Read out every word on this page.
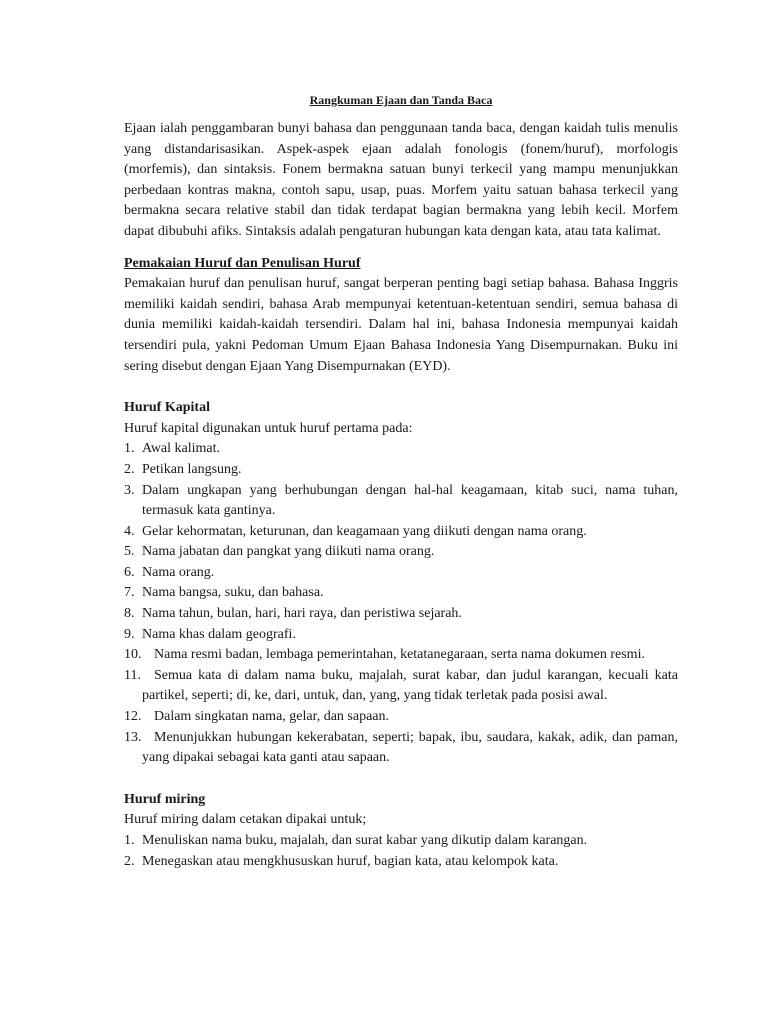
Rangkuman Ejaan dan Tanda Baca

Ejaan ialah penggambaran bunyi bahasa dan penggunaan tanda baca, dengan kaidah tulis menulis yang distandarisasikan. Aspek-aspek ejaan adalah fonologis (fonem/huruf), morfologis (morfemis), dan sintaksis. Fonem bermakna satuan bunyi terkecil yang mampu menunjukkan perbedaan kontras makna, contoh sapu, usap, puas. Morfem yaitu satuan bahasa terkecil yang bermakna secara relative stabil dan tidak terdapat bagian bermakna yang lebih kecil. Morfem dapat dibubuhi afiks. Sintaksis adalah pengaturan hubungan kata dengan kata, atau tata kalimat.

Pemakaian Huruf dan Penulisan Huruf

Pemakaian huruf dan penulisan huruf, sangat berperan penting bagi setiap bahasa. Bahasa Inggris memiliki kaidah sendiri, bahasa Arab mempunyai ketentuan-ketentuan sendiri, semua bahasa di dunia memiliki kaidah-kaidah tersendiri. Dalam hal ini, bahasa Indonesia mempunyai kaidah tersendiri pula, yakni Pedoman Umum Ejaan Bahasa Indonesia Yang Disempurnakan. Buku ini sering disebut dengan Ejaan Yang Disempurnakan (EYD).

Huruf Kapital

Huruf kapital digunakan untuk huruf pertama pada:

1. Awal kalimat.
2. Petikan langsung.
3. Dalam ungkapan yang berhubungan dengan hal-hal keagamaan, kitab suci, nama tuhan, termasuk kata gantinya.
4. Gelar kehormatan, keturunan, dan keagamaan yang diikuti dengan nama orang.
5. Nama jabatan dan pangkat yang diikuti nama orang.
6. Nama orang.
7. Nama bangsa, suku, dan bahasa.
8. Nama tahun, bulan, hari, hari raya, dan peristiwa sejarah.
9. Nama khas dalam geografi.
10. Nama resmi badan, lembaga pemerintahan, ketatanegaraan, serta nama dokumen resmi.
11. Semua kata di dalam nama buku, majalah, surat kabar, dan judul karangan, kecuali kata partikel, seperti; di, ke, dari, untuk, dan, yang, yang tidak terletak pada posisi awal.
12. Dalam singkatan nama, gelar, dan sapaan.
13. Menunjukkan hubungan kekerabatan, seperti; bapak, ibu, saudara, kakak, adik, dan paman, yang dipakai sebagai kata ganti atau sapaan.
Huruf miring

Huruf miring dalam cetakan dipakai untuk;

1. Menuliskan nama buku, majalah, dan surat kabar yang dikutip dalam karangan.
2. Menegaskan atau mengkhususkan huruf, bagian kata, atau kelompok kata.
